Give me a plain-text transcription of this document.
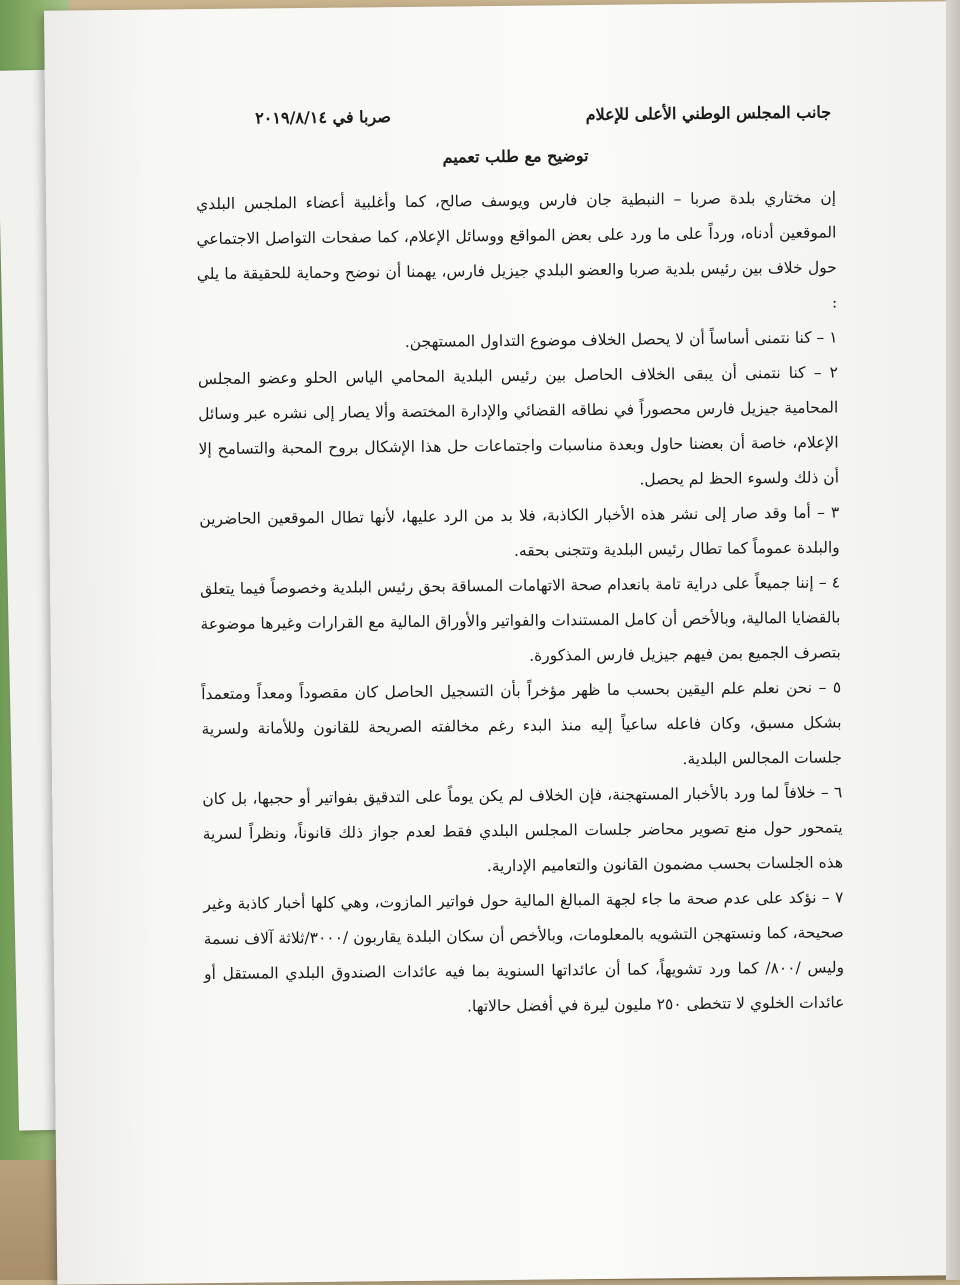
جانب المجلس الوطني الأعلى للإعلام
صربا في ٢٠١٩/٨/١٤
توضيح مع طلب تعميم

إن مختاري بلدة صربا – النبطية جان فارس ويوسف صالح، كما وأغلبية أعضاء الملجس البلدي الموقعين أدناه، ورداً على ما ورد على بعض المواقع ووسائل الإعلام، كما صفحات التواصل الاجتماعي حول خلاف بين رئيس بلدية صربا والعضو البلدي جيزيل فارس، يهمنا أن نوضح وحماية للحقيقة ما يلي :

١ – كنا نتمنى أساساً أن لا يحصل الخلاف موضوع التداول المستهجن.

٢ – كنا نتمنى أن يبقى الخلاف الحاصل بين رئيس البلدية المحامي الياس الحلو وعضو المجلس المحامية جيزيل فارس محصوراً في نطاقه القضائي والإدارة المختصة وألا يصار إلى نشره عبر وسائل الإعلام، خاصة أن بعضنا حاول وبعدة مناسبات واجتماعات حل هذا الإشكال بروح المحبة والتسامح إلا أن ذلك ولسوء الحظ لم يحصل.

٣ – أما وقد صار إلى نشر هذه الأخبار الكاذبة، فلا بد من الرد عليها، لأنها تطال الموقعين الحاضرين والبلدة عموماً كما تطال رئيس البلدية وتتجنى بحقه.

٤ – إننا جميعاً على دراية تامة بانعدام صحة الاتهامات المساقة بحق رئيس البلدية وخصوصاً فيما يتعلق بالقضايا المالية، وبالأخص أن كامل المستندات والفواتير والأوراق المالية مع القرارات وغيرها موضوعة بتصرف الجميع بمن فيهم جيزيل فارس المذكورة.

٥ – نحن نعلم علم اليقين بحسب ما ظهر مؤخراً بأن التسجيل الحاصل كان مقصوداً ومعداً ومتعمداً بشكل مسبق، وكان فاعله ساعياً إليه منذ البدء رغم مخالفته الصريحة للقانون وللأمانة ولسرية جلسات المجالس البلدية.

٦ – خلافاً لما ورد بالأخبار المستهجنة، فإن الخلاف لم يكن يوماً على التدقيق بفواتير أو حجبها، بل كان يتمحور حول منع تصوير محاضر جلسات المجلس البلدي فقط لعدم جواز ذلك قانوناً، ونظراً لسرية هذه الجلسات بحسب مضمون القانون والتعاميم الإدارية.

٧ – نؤكد على عدم صحة ما جاء لجهة المبالغ المالية حول فواتير المازوت، وهي كلها أخبار كاذبة وغير صحيحة، كما ونستهجن التشويه بالمعلومات، وبالأخص أن سكان البلدة يقاربون /٣٠٠٠/ثلاثة آلاف نسمة وليس /٨٠٠/ كما ورد تشويهاً، كما أن عائداتها السنوية بما فيه عائدات الصندوق البلدي المستقل أو عائدات الخلوي لا تتخطى ٢٥٠ مليون ليرة في أفضل حالاتها.
